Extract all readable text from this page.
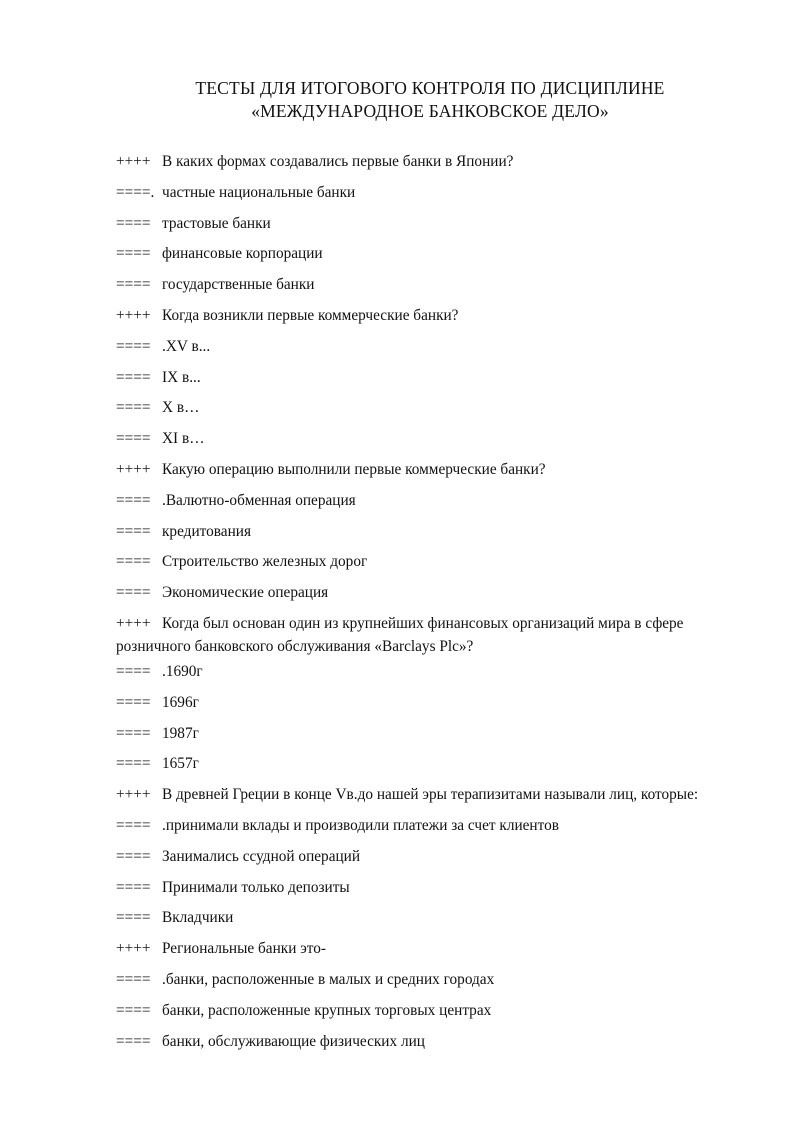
ТЕСТЫ ДЛЯ ИТОГОВОГО КОНТРОЛЯ ПО ДИСЦИПЛИНЕ
«МЕЖДУНАРОДНОЕ БАНКОВСКОЕ ДЕЛО»
++++ В каких формах создавались первые банки в Японии?
====. частные национальные банки
==== трастовые банки
==== финансовые корпорации
==== государственные банки
++++ Когда возникли первые коммерческие банки?
==== .XV в...
==== IX в...
==== X в…
==== XI в…
++++ Какую операцию выполнили первые коммерческие банки?
==== .Валютно-обменная операция
==== кредитования
==== Строительство железных дорог
==== Экономические операция
++++ Когда был основан один из крупнейших финансовых организаций мира в сфере
розничного банковского обслуживания «Barclays Plc»?
==== .1690г
==== 1696г
==== 1987г
==== 1657г
++++ В древней Греции в конце Vв.до нашей эры терапизитами называли лиц, которые:
==== .принимали вклады и производили платежи за счет клиентов
==== Занимались ссудной операций
==== Принимали только депозиты
==== Вкладчики
++++ Региональные банки это-
==== .банки, расположенные в малых и средних городах
==== банки, расположенные крупных торговых центрах
==== банки, обслуживающие физических лиц
